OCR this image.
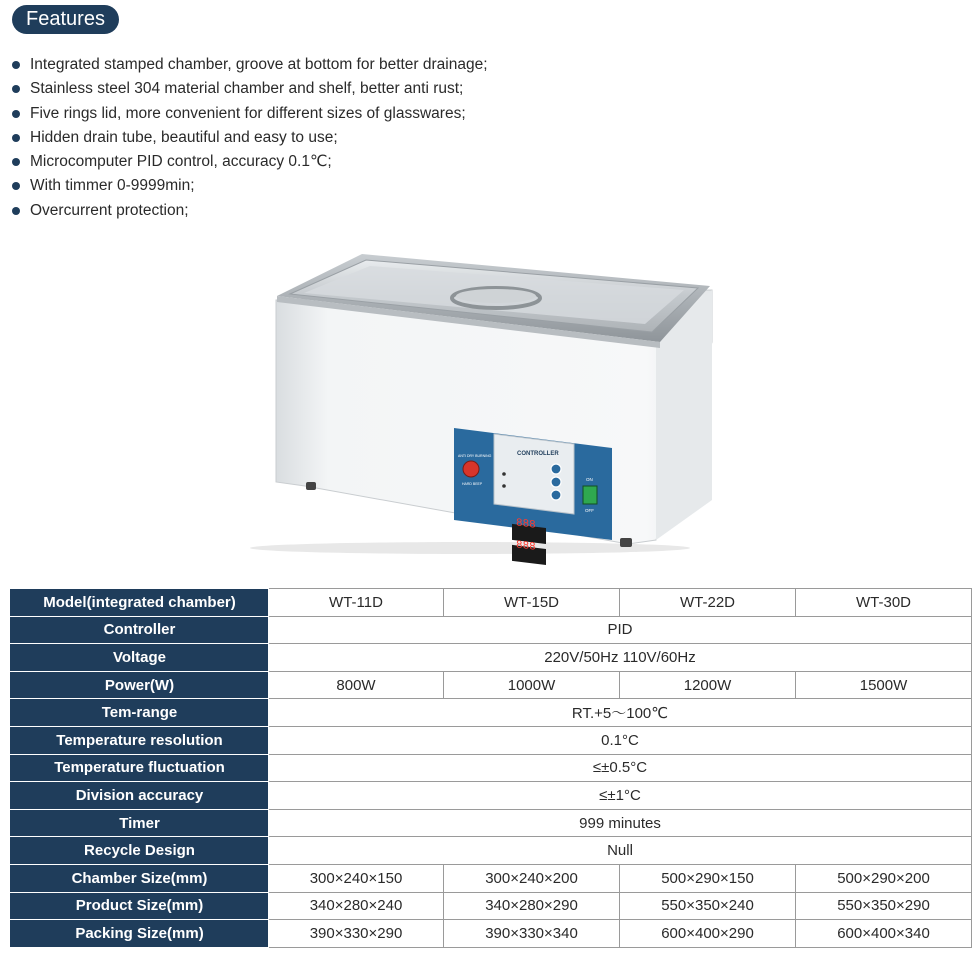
Features
Integrated stamped chamber, groove at bottom for better drainage;
Stainless steel 304 material chamber and shelf, better anti rust;
Five rings lid, more convenient for different sizes of glasswares;
Hidden drain tube, beautiful and easy to use;
Microcomputer PID control, accuracy 0.1℃;
With timmer 0-9999min;
Overcurrent protection;
CONTROLLER
888
888
ANTI DRY BURNING
HARD BEEP
ON
OFF
Model(integrated chamber)	WT-11D	WT-15D	WT-22D	WT-30D
Controller	PID			
Voltage	220V/50Hz 110V/60Hz			
Power(W)	800W	1000W	1200W	1500W
Tem-range	RT.+5～100℃			
Temperature resolution	0.1°C			
Temperature fluctuation	≤±0.5°C			
Division accuracy	≤±1°C			
Timer	999 minutes			
Recycle Design	Null			
Chamber Size(mm)	300×240×150	300×240×200	500×290×150	500×290×200
Product Size(mm)	340×280×240	340×280×290	550×350×240	550×350×290
Packing Size(mm)	390×330×290	390×330×340	600×400×290	600×400×340
